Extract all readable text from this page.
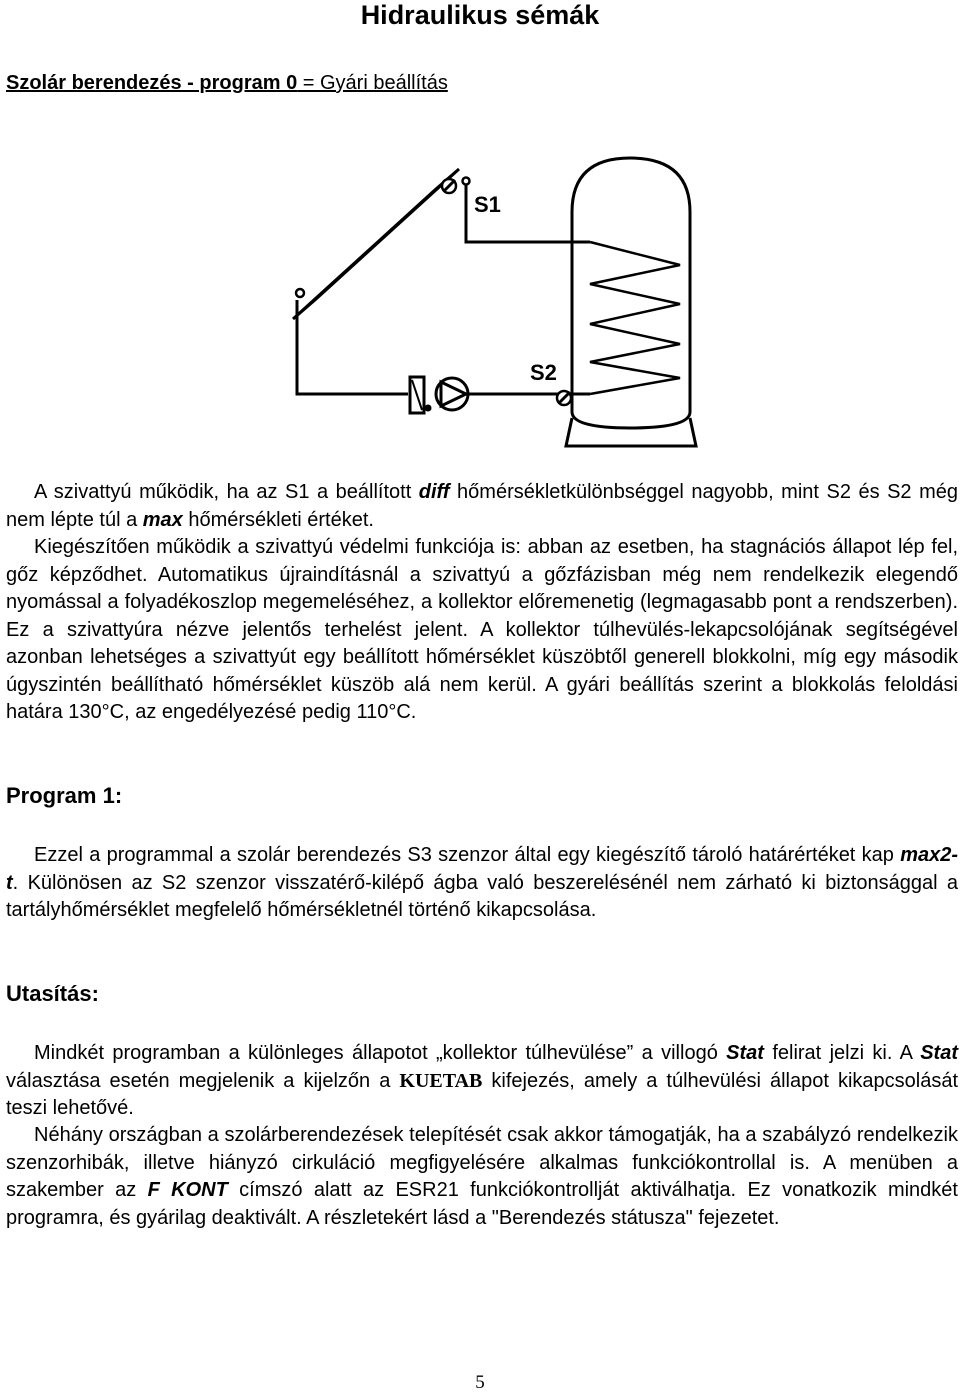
Hidraulikus sémák
Szolár berendezés - program 0 = Gyári beállítás
S1
S2

A szivattyú működik, ha az S1 a beállított diff hőmérsékletkülönbséggel nagyobb, mint S2 és S2 még nem lépte túl a max hőmérsékleti értéket.

Kiegészítően működik a szivattyú védelmi funkciója is: abban az esetben, ha stagnációs állapot lép fel, gőz képződhet. Automatikus újraindításnál a szivattyú a gőzfázisban még nem rendelkezik elegendő nyomással a folyadékoszlop megemeléséhez, a kollektor előremenetig (legmagasabb pont a rendszerben). Ez a szivattyúra nézve jelentős terhelést jelent. A kollektor túlhevülés-lekapcsolójának segítségével azonban lehetséges a szivattyút egy beállított hőmérséklet küszöbtől generell blokkolni, míg egy második úgyszintén beállítható hőmérséklet küszöb alá nem kerül. A gyári beállítás szerint a blokkolás feloldási határa 130°C, az engedélyezésé pedig 110°C.

Program 1:

Ezzel a programmal a szolár berendezés S3 szenzor által egy kiegészítő tároló határértéket kap max2-t. Különösen az S2 szenzor visszatérő-kilépő ágba való beszerelésénél nem zárható ki biztonsággal a tartályhőmérséklet megfelelő hőmérsékletnél történő kikapcsolása.

Utasítás:

Mindkét programban a különleges állapotot „kollektor túlhevülése” a villogó Stat felirat jelzi ki. A Stat választása esetén megjelenik a kijelzőn a KUETAB kifejezés, amely a túlhevülési állapot kikapcsolását teszi lehetővé.

Néhány országban a szolárberendezések telepítését csak akkor támogatják, ha a szabályzó rendelkezik szenzorhibák, illetve hiányzó cirkuláció megfigyelésére alkalmas funkciókontrollal is. A menüben a szakember az F KONT címszó alatt az ESR21 funkciókontrollját aktiválhatja. Ez vonatkozik mindkét programra, és gyárilag deaktivált. A részletekért lásd a "Berendezés státusza" fejezetet.

5
